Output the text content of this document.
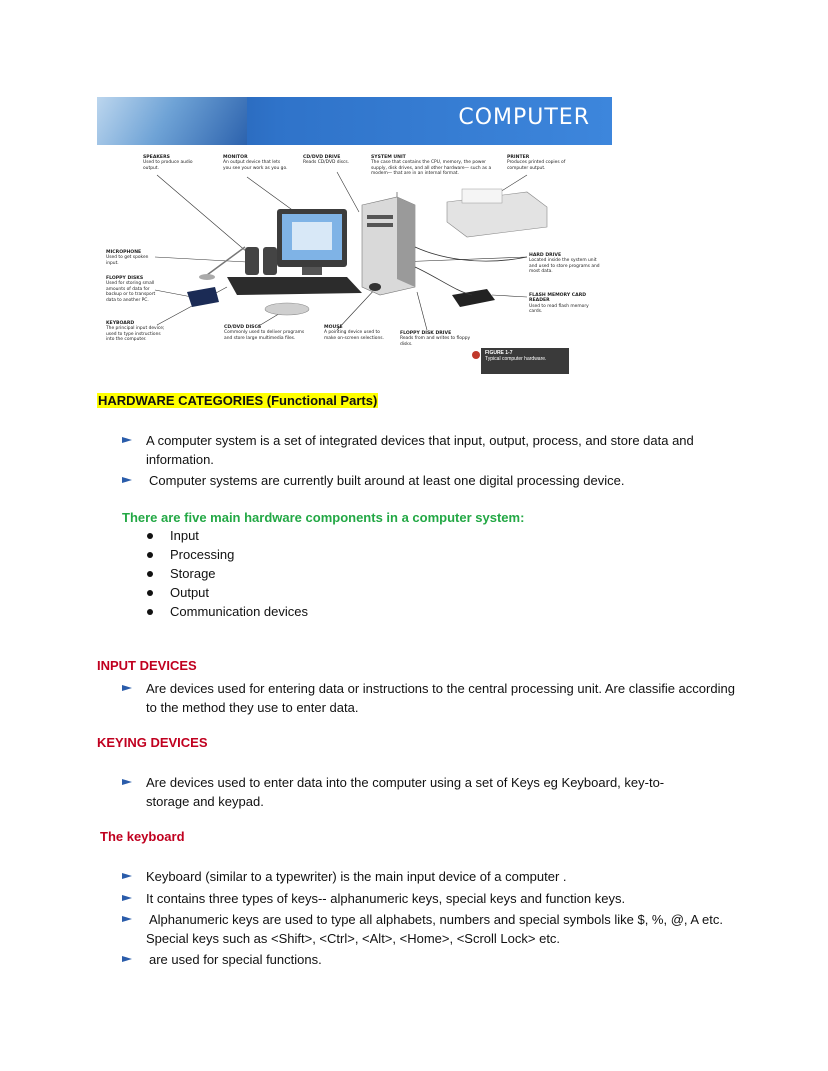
COMPUTER
SPEAKERS
Used to produce audio output.
MONITOR
An output device that lets you see your work as you go.
CD/DVD DRIVE
Reads CD/DVD discs.
SYSTEM UNIT
The case that contains the CPU, memory, the power supply, disk drives, and all other hardware— such as a modem— that are in an internal format.
PRINTER
Produces printed copies of computer output.
MICROPHONE
Used to get spoken input.
FLOPPY DISKS
Used for storing small amounts of data for backup or to transport data to another PC.
KEYBOARD
The principal input device; used to type instructions into the computer.
CD/DVD DISCS
Commonly used to deliver programs and store large multimedia files.
MOUSE
A pointing device used to make on-screen selections.
FLOPPY DISK DRIVE
Reads from and writes to floppy disks.
HARD DRIVE
Located inside the system unit and used to store programs and most data.
FLASH MEMORY CARD READER
Used to read flash memory cards.
FIGURE 1-7
Typical computer hardware.
HARDWARE CATEGORIES (Functional Parts)
A computer system is a set of integrated devices that input, output, process, and store data and information.
Computer systems are currently built around at least one digital processing device.
There are five main hardware components in a computer system:
Input
Processing
Storage
Output
Communication devices
INPUT DEVICES
Are devices used for entering data or instructions to the central processing unit. Are classifie according to the method they use to enter data.
KEYING DEVICES
Are devices used to enter data into the computer using a set of Keys eg Keyboard, key-to-storage and keypad.
The keyboard
Keyboard (similar to a typewriter) is the main input device of a computer .
It contains three types of keys-- alphanumeric keys, special keys and function keys.
Alphanumeric keys are used to type all alphabets, numbers and special symbols like $, %, @, A etc. Special keys such as <Shift>, <Ctrl>, <Alt>, <Home>, <Scroll Lock> etc.
are used for special functions.
